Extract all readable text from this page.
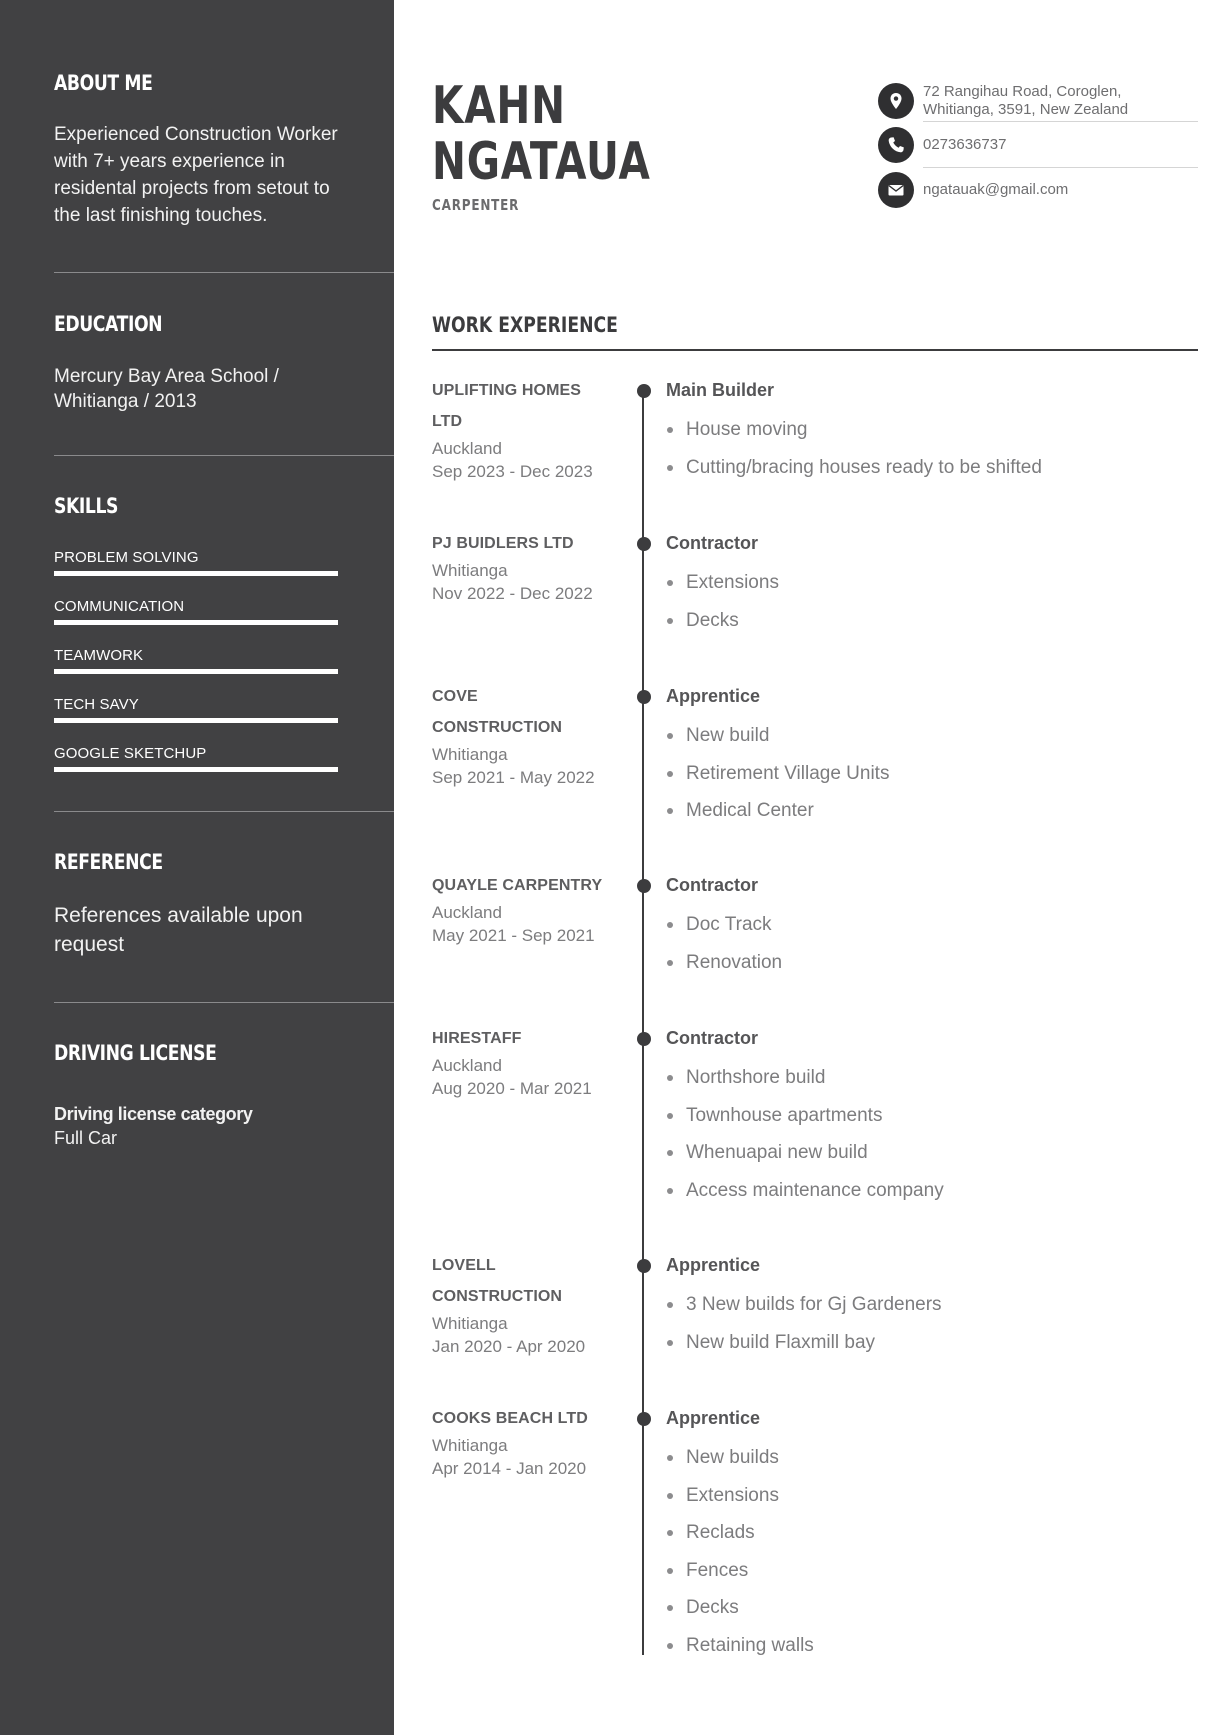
ABOUT ME
Experienced Construction Worker with 7+ years experience in residental projects from setout to the last finishing touches.
EDUCATION
Mercury Bay Area School / Whitianga / 2013
SKILLS
PROBLEM SOLVING
COMMUNICATION
TEAMWORK
TECH SAVY
GOOGLE SKETCHUP
REFERENCE
References available upon request
DRIVING LICENSE
Driving license category
Full Car
KAHN
NGATAUA
CARPENTER
72 Rangihau Road, Coroglen,
Whitianga, 3591, New Zealand
0273636737
ngatauak@gmail.com
WORK EXPERIENCE
UPLIFTING HOMES
LTD
Auckland
Sep 2023 - Dec 2023
Main Builder
House moving
Cutting/bracing houses ready to be shifted
PJ BUIDLERS LTD
Whitianga
Nov 2022 - Dec 2022
Contractor
Extensions
Decks
COVE
CONSTRUCTION
Whitianga
Sep 2021 - May 2022
Apprentice
New build
Retirement Village Units
Medical Center
QUAYLE CARPENTRY
Auckland
May 2021 - Sep 2021
Contractor
Doc Track
Renovation
HIRESTAFF
Auckland
Aug 2020 - Mar 2021
Contractor
Northshore build
Townhouse apartments
Whenuapai new build
Access maintenance company
LOVELL
CONSTRUCTION
Whitianga
Jan 2020 - Apr 2020
Apprentice
3 New builds for Gj Gardeners
New build Flaxmill bay
COOKS BEACH LTD
Whitianga
Apr 2014 - Jan 2020
Apprentice
New builds
Extensions
Reclads
Fences
Decks
Retaining walls
